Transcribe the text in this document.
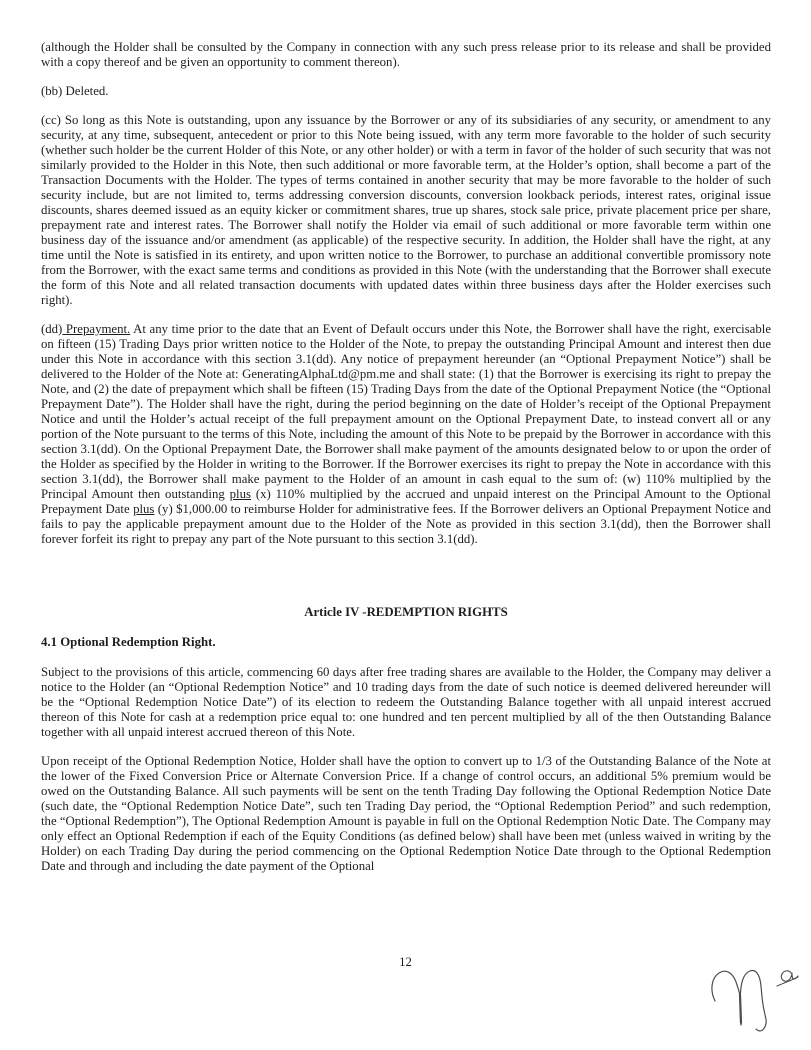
(although the Holder shall be consulted by the Company in connection with any such press release prior to its release and shall be provided with a copy thereof and be given an opportunity to comment thereon).

(bb) Deleted.

(cc) So long as this Note is outstanding, upon any issuance by the Borrower or any of its subsidiaries of any security, or amendment to any security, at any time, subsequent, antecedent or prior to this Note being issued, with any term more favorable to the holder of such security (whether such holder be the current Holder of this Note, or any other holder) or with a term in favor of the holder of such security that was not similarly provided to the Holder in this Note, then such additional or more favorable term, at the Holder’s option, shall become a part of the Transaction Documents with the Holder. The types of terms contained in another security that may be more favorable to the holder of such security include, but are not limited to, terms addressing conversion discounts, conversion lookback periods, interest rates, original issue discounts, shares deemed issued as an equity kicker or commitment shares, true up shares, stock sale price, private placement price per share, prepayment rate and interest rates. The Borrower shall notify the Holder via email of such additional or more favorable term within one business day of the issuance and/or amendment (as applicable) of the respective security. In addition, the Holder shall have the right, at any time until the Note is satisfied in its entirety, and upon written notice to the Borrower, to purchase an additional convertible promissory note from the Borrower, with the exact same terms and conditions as provided in this Note (with the understanding that the Borrower shall execute the form of this Note and all related transaction documents with updated dates within three business days after the Holder exercises such right).

(dd) Prepayment. At any time prior to the date that an Event of Default occurs under this Note, the Borrower shall have the right, exercisable on fifteen (15) Trading Days prior written notice to the Holder of the Note, to prepay the outstanding Principal Amount and interest then due under this Note in accordance with this section 3.1(dd). Any notice of prepayment hereunder (an “Optional Prepayment Notice”) shall be delivered to the Holder of the Note at: GeneratingAlphaLtd@pm.me and shall state: (1) that the Borrower is exercising its right to prepay the Note, and (2) the date of prepayment which shall be fifteen (15) Trading Days from the date of the Optional Prepayment Notice (the “Optional Prepayment Date”). The Holder shall have the right, during the period beginning on the date of Holder’s receipt of the Optional Prepayment Notice and until the Holder’s actual receipt of the full prepayment amount on the Optional Prepayment Date, to instead convert all or any portion of the Note pursuant to the terms of this Note, including the amount of this Note to be prepaid by the Borrower in accordance with this section 3.1(dd). On the Optional Prepayment Date, the Borrower shall make payment of the amounts designated below to or upon the order of the Holder as specified by the Holder in writing to the Borrower. If the Borrower exercises its right to prepay the Note in accordance with this section 3.1(dd), the Borrower shall make payment to the Holder of an amount in cash equal to the sum of: (w) 110% multiplied by the Principal Amount then outstanding plus (x) 110% multiplied by the accrued and unpaid interest on the Principal Amount to the Optional Prepayment Date plus (y) $1,000.00 to reimburse Holder for administrative fees. If the Borrower delivers an Optional Prepayment Notice and fails to pay the applicable prepayment amount due to the Holder of the Note as provided in this section 3.1(dd), then the Borrower shall forever forfeit its right to prepay any part of the Note pursuant to this section 3.1(dd).

Article IV -REDEMPTION RIGHTS
4.1 Optional Redemption Right.

Subject to the provisions of this article, commencing 60 days after free trading shares are available to the Holder, the Company may deliver a notice to the Holder (an “Optional Redemption Notice” and 10 trading days from the date of such notice is deemed delivered hereunder will be the “Optional Redemption Notice Date”) of its election to redeem the Outstanding Balance together with all unpaid interest accrued thereon of this Note for cash at a redemption price equal to: one hundred and ten percent multiplied by all of the then Outstanding Balance together with all unpaid interest accrued thereon of this Note.

Upon receipt of the Optional Redemption Notice, Holder shall have the option to convert up to 1/3 of the Outstanding Balance of the Note at the lower of the Fixed Conversion Price or Alternate Conversion Price. If a change of control occurs, an additional 5% premium would be owed on the Outstanding Balance. All such payments will be sent on the tenth Trading Day following the Optional Redemption Notice Date (such date, the “Optional Redemption Notice Date”, such ten Trading Day period, the “Optional Redemption Period” and such redemption, the “Optional Redemption”), The Optional Redemption Amount is payable in full on the Optional Redemption Notic Date. The Company may only effect an Optional Redemption if each of the Equity Conditions (as defined below) shall have been met (unless waived in writing by the Holder) on each Trading Day during the period commencing on the Optional Redemption Notice Date through to the Optional Redemption Date and through and including the date payment of the Optional

12
